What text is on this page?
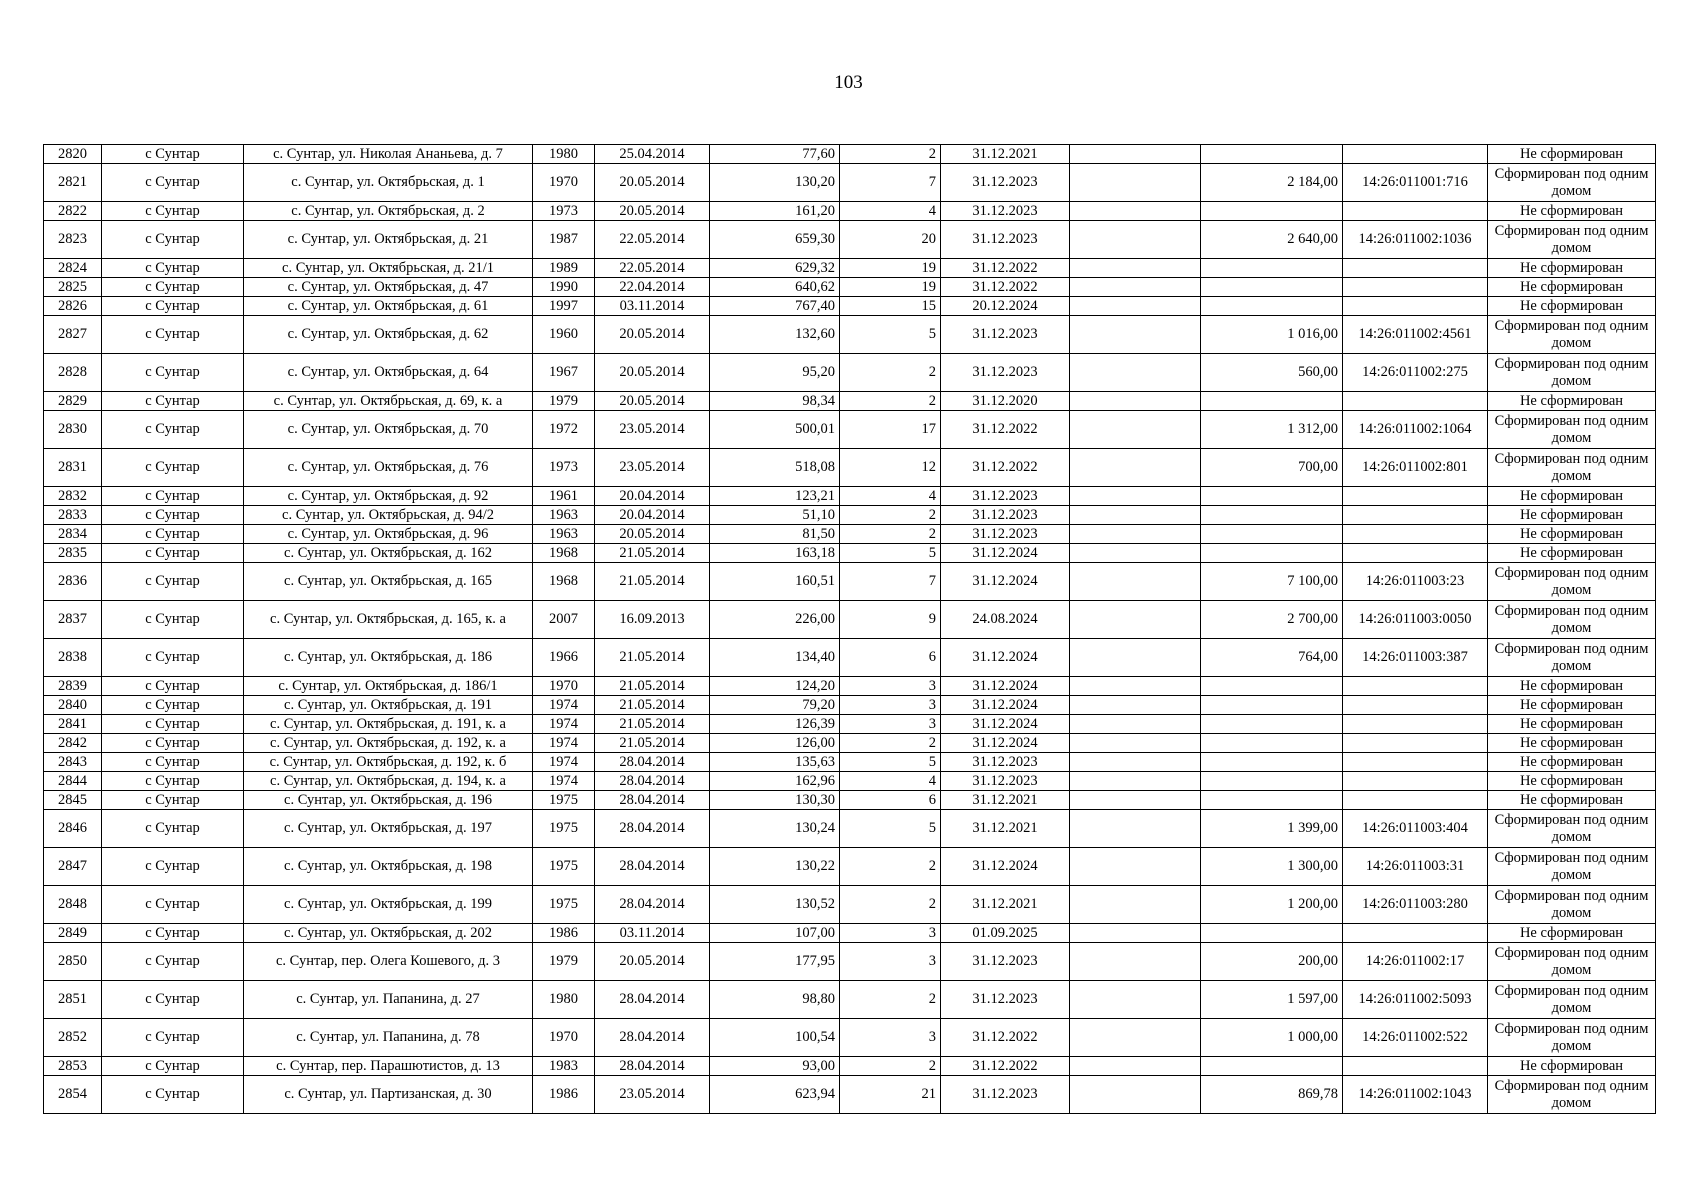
103
2820	с Сунтар	с. Сунтар, ул. Николая Ананьева, д. 7	1980	25.04.2014	77,60	2	31.12.2021				Не сформирован
2821	с Сунтар	с. Сунтар, ул. Октябрьская, д. 1	1970	20.05.2014	130,20	7	31.12.2023		2 184,00	14:26:011001:716	Сформирован под одним домом
2822	с Сунтар	с. Сунтар, ул. Октябрьская, д. 2	1973	20.05.2014	161,20	4	31.12.2023				Не сформирован
2823	с Сунтар	с. Сунтар, ул. Октябрьская, д. 21	1987	22.05.2014	659,30	20	31.12.2023		2 640,00	14:26:011002:1036	Сформирован под одним домом
2824	с Сунтар	с. Сунтар, ул. Октябрьская, д. 21/1	1989	22.05.2014	629,32	19	31.12.2022				Не сформирован
2825	с Сунтар	с. Сунтар, ул. Октябрьская, д. 47	1990	22.04.2014	640,62	19	31.12.2022				Не сформирован
2826	с Сунтар	с. Сунтар, ул. Октябрьская, д. 61	1997	03.11.2014	767,40	15	20.12.2024				Не сформирован
2827	с Сунтар	с. Сунтар, ул. Октябрьская, д. 62	1960	20.05.2014	132,60	5	31.12.2023		1 016,00	14:26:011002:4561	Сформирован под одним домом
2828	с Сунтар	с. Сунтар, ул. Октябрьская, д. 64	1967	20.05.2014	95,20	2	31.12.2023		560,00	14:26:011002:275	Сформирован под одним домом
2829	с Сунтар	с. Сунтар, ул. Октябрьская, д. 69, к. а	1979	20.05.2014	98,34	2	31.12.2020				Не сформирован
2830	с Сунтар	с. Сунтар, ул. Октябрьская, д. 70	1972	23.05.2014	500,01	17	31.12.2022		1 312,00	14:26:011002:1064	Сформирован под одним домом
2831	с Сунтар	с. Сунтар, ул. Октябрьская, д. 76	1973	23.05.2014	518,08	12	31.12.2022		700,00	14:26:011002:801	Сформирован под одним домом
2832	с Сунтар	с. Сунтар, ул. Октябрьская, д. 92	1961	20.04.2014	123,21	4	31.12.2023				Не сформирован
2833	с Сунтар	с. Сунтар, ул. Октябрьская, д. 94/2	1963	20.04.2014	51,10	2	31.12.2023				Не сформирован
2834	с Сунтар	с. Сунтар, ул. Октябрьская, д. 96	1963	20.05.2014	81,50	2	31.12.2023				Не сформирован
2835	с Сунтар	с. Сунтар, ул. Октябрьская, д. 162	1968	21.05.2014	163,18	5	31.12.2024				Не сформирован
2836	с Сунтар	с. Сунтар, ул. Октябрьская, д. 165	1968	21.05.2014	160,51	7	31.12.2024		7 100,00	14:26:011003:23	Сформирован под одним домом
2837	с Сунтар	с. Сунтар, ул. Октябрьская, д. 165, к. а	2007	16.09.2013	226,00	9	24.08.2024		2 700,00	14:26:011003:0050	Сформирован под одним домом
2838	с Сунтар	с. Сунтар, ул. Октябрьская, д. 186	1966	21.05.2014	134,40	6	31.12.2024		764,00	14:26:011003:387	Сформирован под одним домом
2839	с Сунтар	с. Сунтар, ул. Октябрьская, д. 186/1	1970	21.05.2014	124,20	3	31.12.2024				Не сформирован
2840	с Сунтар	с. Сунтар, ул. Октябрьская, д. 191	1974	21.05.2014	79,20	3	31.12.2024				Не сформирован
2841	с Сунтар	с. Сунтар, ул. Октябрьская, д. 191, к. а	1974	21.05.2014	126,39	3	31.12.2024				Не сформирован
2842	с Сунтар	с. Сунтар, ул. Октябрьская, д. 192, к. а	1974	21.05.2014	126,00	2	31.12.2024				Не сформирован
2843	с Сунтар	с. Сунтар, ул. Октябрьская, д. 192, к. б	1974	28.04.2014	135,63	5	31.12.2023				Не сформирован
2844	с Сунтар	с. Сунтар, ул. Октябрьская, д. 194, к. а	1974	28.04.2014	162,96	4	31.12.2023				Не сформирован
2845	с Сунтар	с. Сунтар, ул. Октябрьская, д. 196	1975	28.04.2014	130,30	6	31.12.2021				Не сформирован
2846	с Сунтар	с. Сунтар, ул. Октябрьская, д. 197	1975	28.04.2014	130,24	5	31.12.2021		1 399,00	14:26:011003:404	Сформирован под одним домом
2847	с Сунтар	с. Сунтар, ул. Октябрьская, д. 198	1975	28.04.2014	130,22	2	31.12.2024		1 300,00	14:26:011003:31	Сформирован под одним домом
2848	с Сунтар	с. Сунтар, ул. Октябрьская, д. 199	1975	28.04.2014	130,52	2	31.12.2021		1 200,00	14:26:011003:280	Сформирован под одним домом
2849	с Сунтар	с. Сунтар, ул. Октябрьская, д. 202	1986	03.11.2014	107,00	3	01.09.2025				Не сформирован
2850	с Сунтар	с. Сунтар, пер. Олега Кошевого, д. 3	1979	20.05.2014	177,95	3	31.12.2023		200,00	14:26:011002:17	Сформирован под одним домом
2851	с Сунтар	с. Сунтар, ул. Папанина, д. 27	1980	28.04.2014	98,80	2	31.12.2023		1 597,00	14:26:011002:5093	Сформирован под одним домом
2852	с Сунтар	с. Сунтар, ул. Папанина, д. 78	1970	28.04.2014	100,54	3	31.12.2022		1 000,00	14:26:011002:522	Сформирован под одним домом
2853	с Сунтар	с. Сунтар, пер. Парашютистов, д. 13	1983	28.04.2014	93,00	2	31.12.2022				Не сформирован
2854	с Сунтар	с. Сунтар, ул. Партизанская, д. 30	1986	23.05.2014	623,94	21	31.12.2023		869,78	14:26:011002:1043	Сформирован под одним домом
